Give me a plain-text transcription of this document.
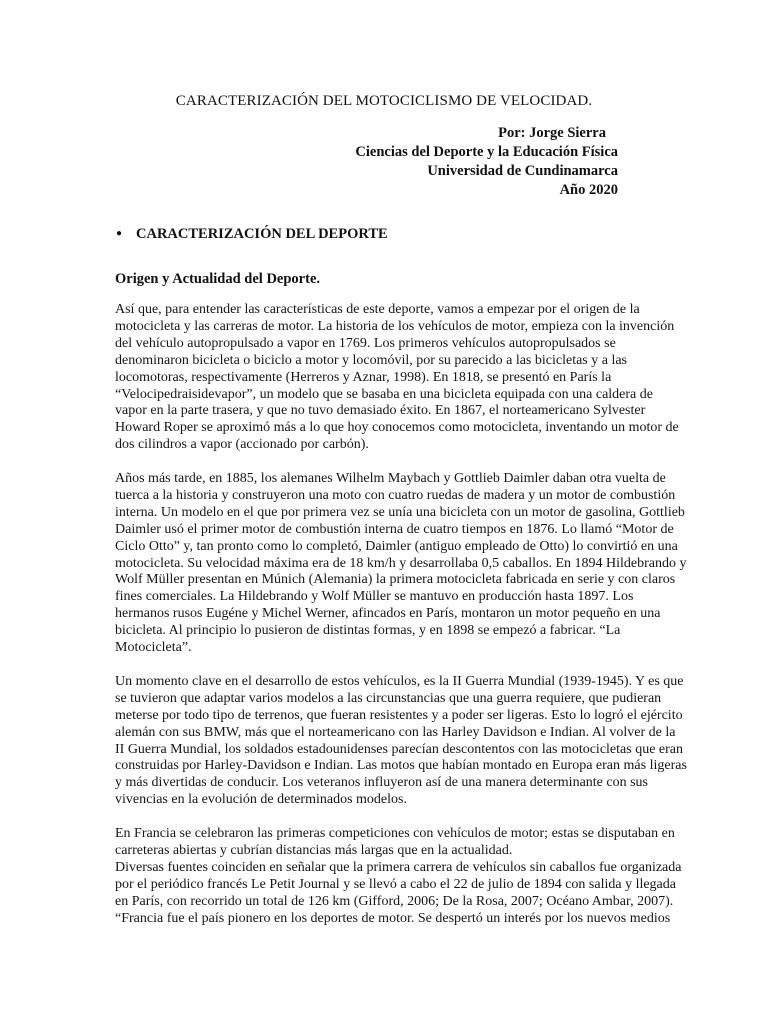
CARACTERIZACIÓN DEL MOTOCICLISMO DE VELOCIDAD.
Por: Jorge Sierra
Ciencias del Deporte y la Educación Física
Universidad de Cundinamarca
Año 2020
● CARACTERIZACIÓN DEL DEPORTE
Origen y Actualidad del Deporte.

Así que, para entender las características de este deporte, vamos a empezar por el origen de la
motocicleta y las carreras de motor. La historia de los vehículos de motor, empieza con la invención
del vehículo autopropulsado a vapor en 1769. Los primeros vehículos autopropulsados se
denominaron bicicleta o biciclo a motor y locomóvil, por su parecido a las bicicletas y a las
locomotoras, respectivamente (Herreros y Aznar, 1998). En 1818, se presentó en París la
“Velocipedraisidevapor”, un modelo que se basaba en una bicicleta equipada con una caldera de
vapor en la parte trasera, y que no tuvo demasiado éxito. En 1867, el norteamericano Sylvester
Howard Roper se aproximó más a lo que hoy conocemos como motocicleta, inventando un motor de
dos cilindros a vapor (accionado por carbón).

Años más tarde, en 1885, los alemanes Wilhelm Maybach y Gottlieb Daimler daban otra vuelta de
tuerca a la historia y construyeron una moto con cuatro ruedas de madera y un motor de combustión
interna. Un modelo en el que por primera vez se unía una bicicleta con un motor de gasolina, Gottlieb
Daimler usó el primer motor de combustión interna de cuatro tiempos en 1876. Lo llamó “Motor de
Ciclo Otto” y, tan pronto como lo completó, Daimler (antiguo empleado de Otto) lo convirtió en una
motocicleta. Su velocidad máxima era de 18 km/h y desarrollaba 0,5 caballos. En 1894 Hildebrando y
Wolf Müller presentan en Múnich (Alemania) la primera motocicleta fabricada en serie y con claros
fines comerciales. La Hildebrando y Wolf Müller se mantuvo en producción hasta 1897. Los
hermanos rusos Eugéne y Michel Werner, afincados en París, montaron un motor pequeño en una
bicicleta. Al principio lo pusieron de distintas formas, y en 1898 se empezó a fabricar. “La
Motocicleta”.

Un momento clave en el desarrollo de estos vehículos, es la II Guerra Mundial (1939-1945). Y es que
se tuvieron que adaptar varios modelos a las circunstancias que una guerra requiere, que pudieran
meterse por todo tipo de terrenos, que fueran resistentes y a poder ser ligeras. Esto lo logró el ejército
alemán con sus BMW, más que el norteamericano con las Harley Davidson e Indian. Al volver de la
II Guerra Mundial, los soldados estadounidenses parecían descontentos con las motocicletas que eran
construidas por Harley-Davidson e Indian. Las motos que habían montado en Europa eran más ligeras
y más divertidas de conducir. Los veteranos influyeron así de una manera determinante con sus
vivencias en la evolución de determinados modelos.

En Francia se celebraron las primeras competiciones con vehículos de motor; estas se disputaban en
carreteras abiertas y cubrían distancias más largas que en la actualidad.
Diversas fuentes coinciden en señalar que la primera carrera de vehículos sin caballos fue organizada
por el periódico francés Le Petit Journal y se llevó a cabo el 22 de julio de 1894 con salida y llegada
en París, con recorrido un total de 126 km (Gifford, 2006; De la Rosa, 2007; Océano Ambar, 2007).
“Francia fue el país pionero en los deportes de motor. Se despertó un interés por los nuevos medios
